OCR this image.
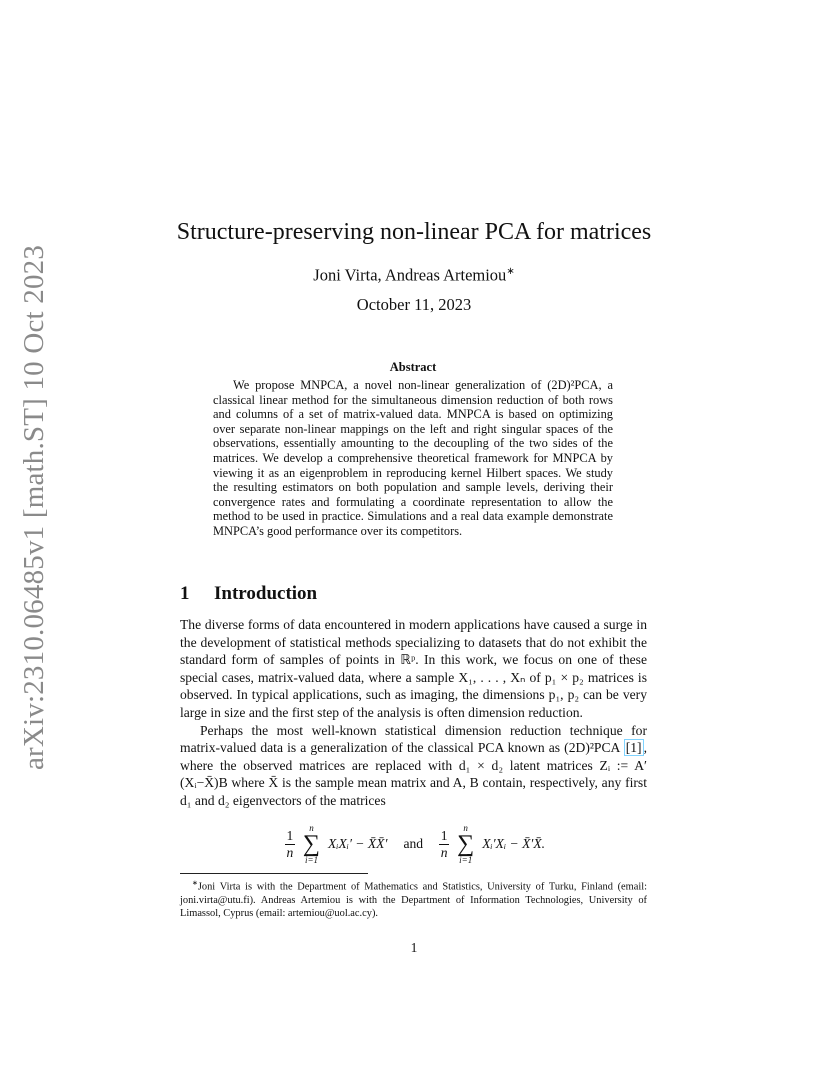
arXiv:2310.06485v1 [math.ST] 10 Oct 2023
Structure-preserving non-linear PCA for matrices
Joni Virta, Andreas Artemiou∗
October 11, 2023
Abstract
We propose MNPCA, a novel non-linear generalization of (2D)²PCA, a classical linear method for the simultaneous dimension reduction of both rows and columns of a set of matrix-valued data. MNPCA is based on optimizing over separate non-linear mappings on the left and right singular spaces of the observations, essentially amounting to the decoupling of the two sides of the matrices. We develop a comprehensive theoretical framework for MNPCA by viewing it as an eigenproblem in reproducing kernel Hilbert spaces. We study the resulting estimators on both population and sample levels, deriving their convergence rates and formulating a coordinate representation to allow the method to be used in practice. Simulations and a real data example demonstrate MNPCA’s good performance over its competitors.
1 Introduction

The diverse forms of data encountered in modern applications have caused a surge in the development of statistical methods specializing to datasets that do not exhibit the standard form of samples of points in ℝᵖ. In this work, we focus on one of these special cases, matrix-valued data, where a sample X₁, . . . , Xₙ of p₁ × p₂ matrices is observed. In typical applications, such as imaging, the dimensions p₁, p₂ can be very large in size and the first step of the analysis is often dimension reduction.

Perhaps the most well-known statistical dimension reduction technique for matrix-valued data is a generalization of the classical PCA known as (2D)²PCA [1] , where the observed matrices are replaced with d₁ × d₂ latent matrices Zᵢ := A′(Xᵢ−X̄)B where X̄ is the sample mean matrix and A, B contain, respectively, any first d₁ and d₂ eigenvectors of the matrices

$\frac{1}{n}$
n
∑
i=1
XᵢXᵢ′ − X̄X̄′ and $\frac{1}{n}$
n
∑
i=1
Xᵢ′Xᵢ − X̄′X̄.
∗Joni Virta is with the Department of Mathematics and Statistics, University of Turku, Finland (email: joni.virta@utu.fi). Andreas Artemiou is with the Department of Information Technologies, University of Limassol, Cyprus (email: artemiou@uol.ac.cy).
1
